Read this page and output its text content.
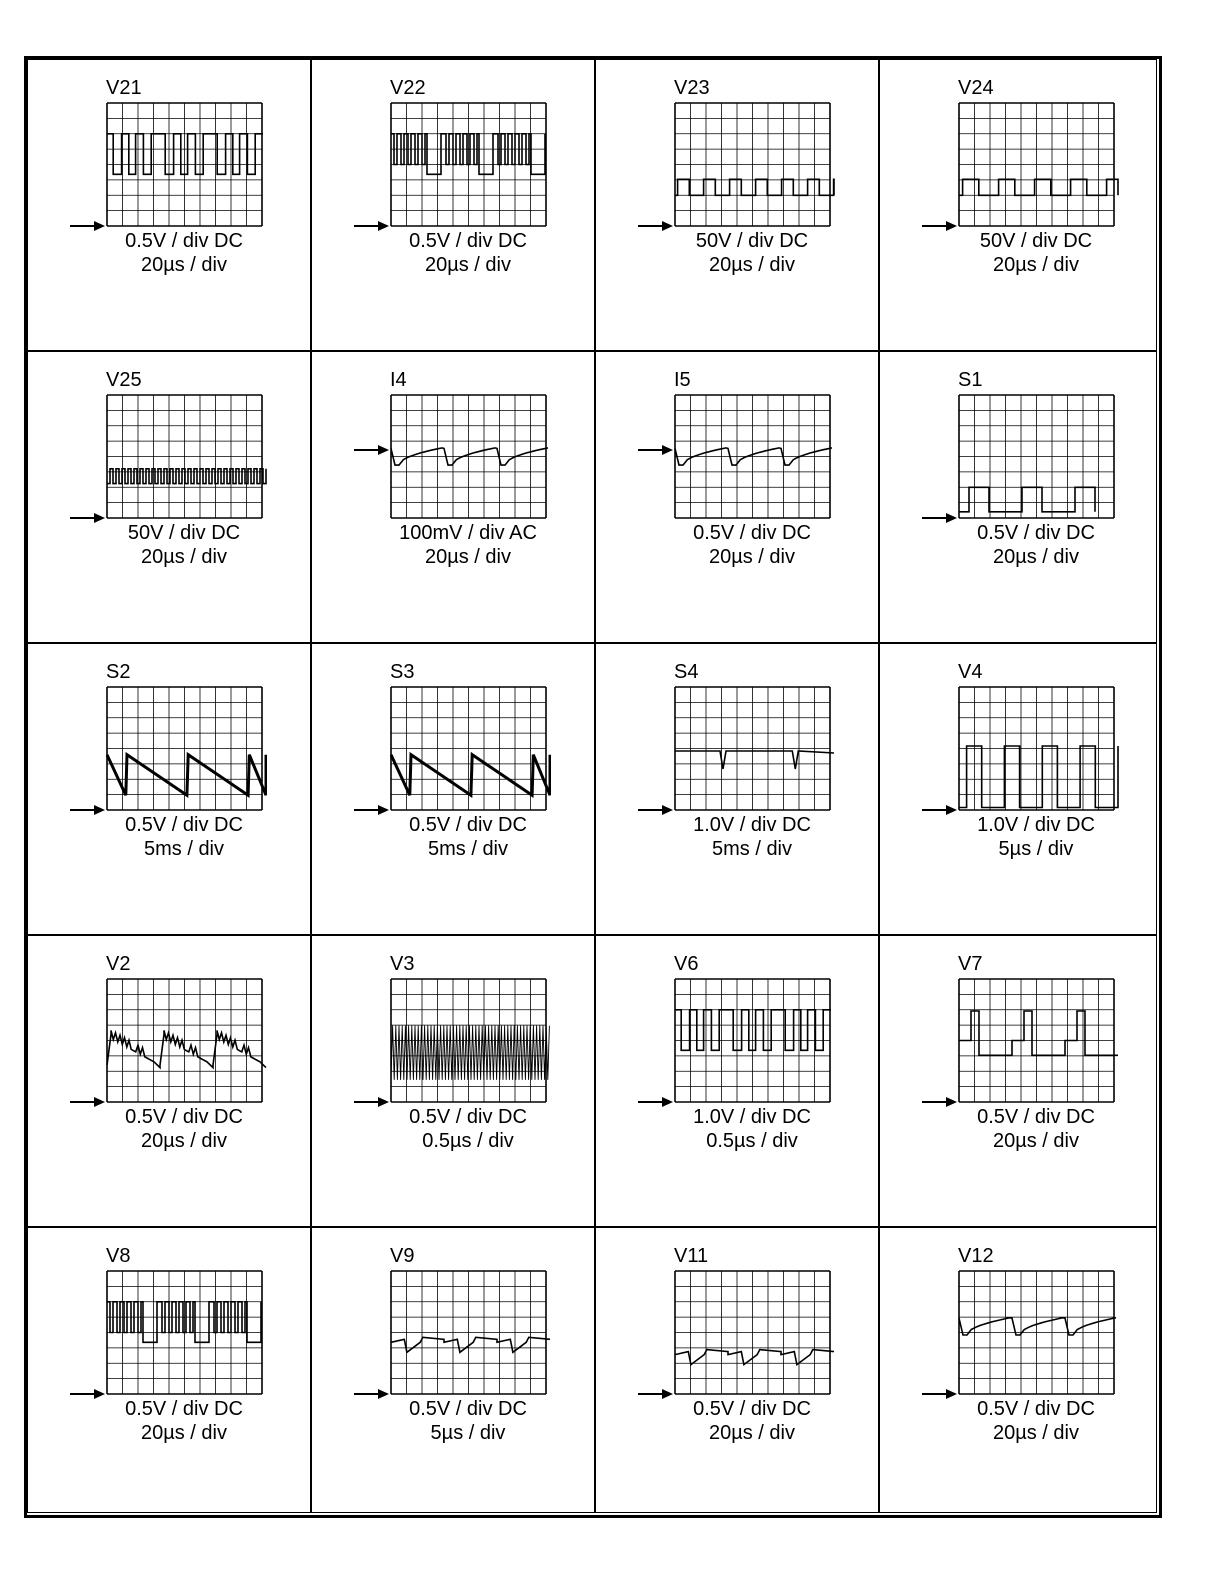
V21
0.5V / div DC
20µs / div
V22
0.5V / div DC
20µs / div
V23
50V / div DC
20µs / div
V24
50V / div DC
20µs / div
V25
50V / div DC
20µs / div
I4
100mV / div AC
20µs / div
I5
0.5V / div DC
20µs / div
S1
0.5V / div DC
20µs / div
S2
0.5V / div DC
5ms / div
S3
0.5V / div DC
5ms / div
S4
1.0V / div DC
5ms / div
V4
1.0V / div DC
5µs / div
V2
0.5V / div DC
20µs / div
V3
0.5V / div DC
0.5µs / div
V6
1.0V / div DC
0.5µs / div
V7
0.5V / div DC
20µs / div
V8
0.5V / div DC
20µs / div
V9
0.5V / div DC
5µs / div
V11
0.5V / div DC
20µs / div
V12
0.5V / div DC
20µs / div
